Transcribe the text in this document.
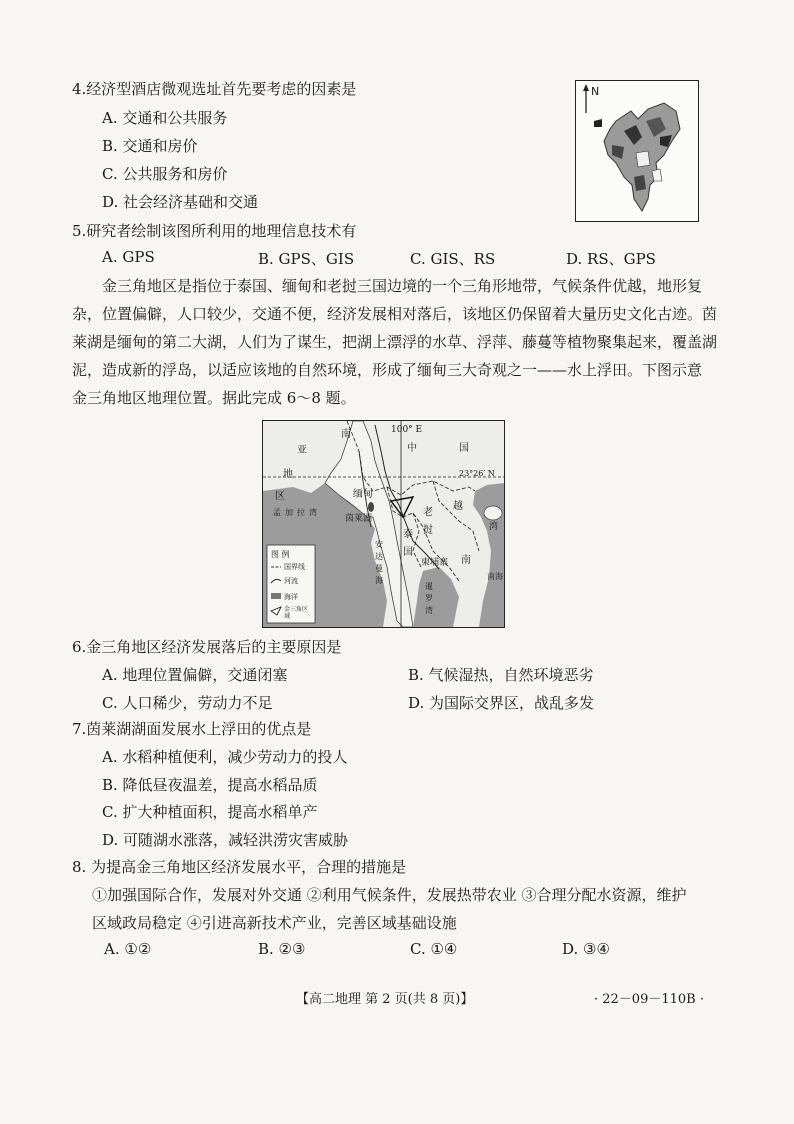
4.经济型酒店微观选址首先要考虑的因素是
A. 交通和公共服务
B. 交通和房价
C. 公共服务和房价
D. 社会经济基础和交通
N
5.研究者绘制该图所利用的地理信息技术有
A. GPS	B. GPS、GIS	C. GIS、RS	D. RS、GPS
金三角地区是指位于泰国、缅甸和老挝三国边境的一个三角形地带，气候条件优越，地形复
杂，位置偏僻，人口较少，交通不便，经济发展相对落后，该地区仍保留着大量历史文化古迹。茵
莱湖是缅甸的第二大湖，人们为了谋生，把湖上漂浮的水草、浮萍、藤蔓等植物聚集起来，覆盖湖
泥，造成新的浮岛，以适应该地的自然环境，形成了缅甸三大奇观之一——水上浮田。下图示意
金三角地区地理位置。据此完成 6～8 题。
南
亚
地
区
100° E
中	国
23°26′ N
缅甸
茵莱湖
老
挝
越
南
泰
国
柬埔寨
湾
孟 加 拉 湾
安
达
曼
海
暹
罗
湾
南海
图 例
国界线
河流
海洋
金三角区域
6.金三角地区经济发展落后的主要原因是
A. 地理位置偏僻，交通闭塞	B. 气候湿热，自然环境恶劣
C. 人口稀少，劳动力不足	D. 为国际交界区，战乱多发
7.茵莱湖湖面发展水上浮田的优点是
A. 水稻种植便利，减少劳动力的投人
B. 降低昼夜温差，提高水稻品质
C. 扩大种植面积，提高水稻单产
D. 可随湖水涨落，减轻洪涝灾害威胁
8. 为提高金三角地区经济发展水平，合理的措施是
①加强国际合作，发展对外交通 ②利用气候条件，发展热带农业 ③合理分配水资源，维护
区域政局稳定 ④引进高新技术产业，完善区域基础设施
A. ①②	B. ②③	C. ①④	D. ③④
【高二地理 第 2 页(共 8 页)】	· 22－09－110B ·
